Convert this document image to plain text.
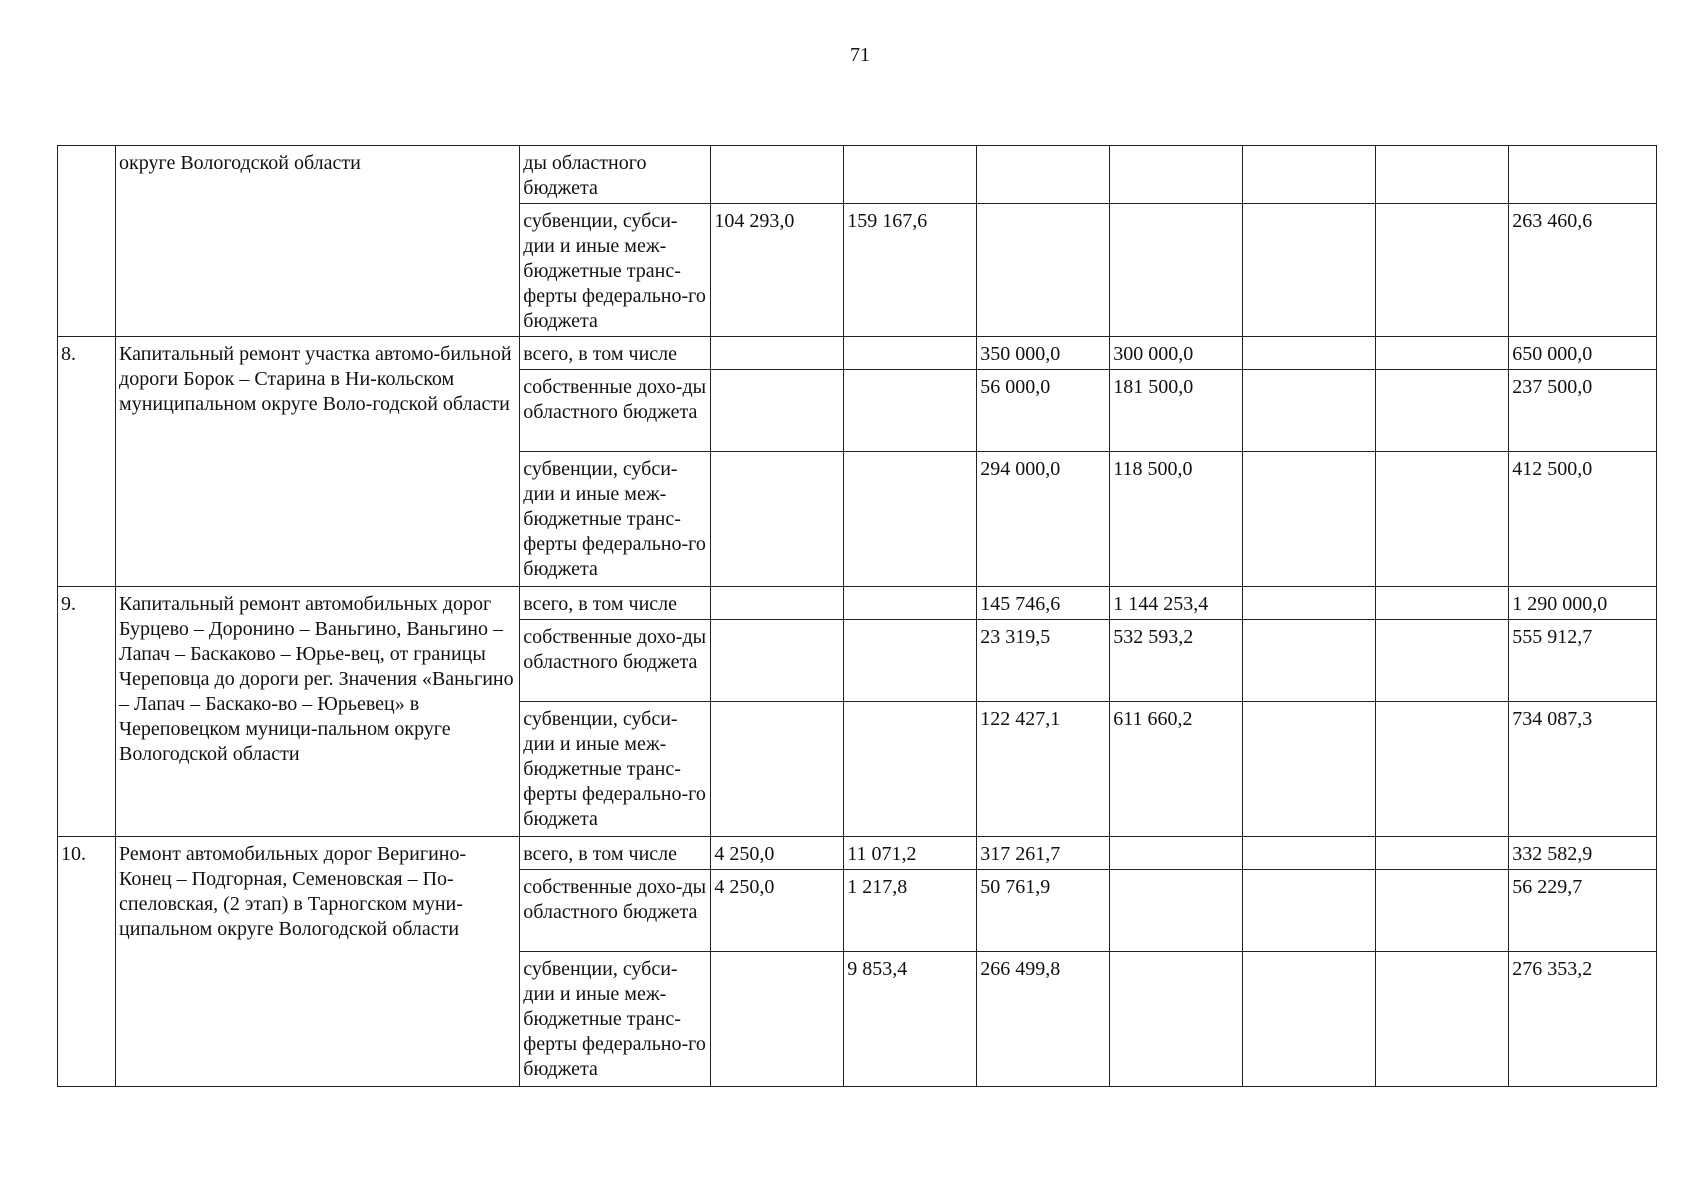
71
	округе Вологодской области	ды областного бюджета							
		субвенции, субси-дии и иные меж-бюджетные транс-ферты федерально-го бюджета	104 293,0	159 167,6					263 460,6
8.	Капитальный ремонт участка автомо-бильной дороги Борок – Старина в Ни-кольском муниципальном округе Воло-годской области	всего, в том числе			350 000,0	300 000,0			650 000,0
		собственные дохо-ды областного бюджета			56 000,0	181 500,0			237 500,0
		субвенции, субси-дии и иные меж-бюджетные транс-ферты федерально-го бюджета			294 000,0	118 500,0			412 500,0
9.	Капитальный ремонт автомобильных дорог Бурцево – Доронино – Ваньгино, Ваньгино – Лапач – Баскаково – Юрье-вец, от границы Череповца до дороги рег. Значения «Ваньгино – Лапач – Баскако-во – Юрьевец» в Череповецком муници-пальном округе Вологодской области	всего, в том числе			145 746,6	1 144 253,4			1 290 000,0
		собственные дохо-ды областного бюджета			23 319,5	532 593,2			555 912,7
		субвенции, субси-дии и иные меж-бюджетные транс-ферты федерально-го бюджета			122 427,1	611 660,2			734 087,3
10.	Ремонт автомобильных дорог Веригино-Конец – Подгорная, Семеновская – По-спеловская, (2 этап) в Тарногском муни-ципальном округе Вологодской области	всего, в том числе	4 250,0	11 071,2	317 261,7				332 582,9
		собственные дохо-ды областного бюджета	4 250,0	1 217,8	50 761,9				56 229,7
		субвенции, субси-дии и иные меж-бюджетные транс-ферты федерально-го бюджета		9 853,4	266 499,8				276 353,2
